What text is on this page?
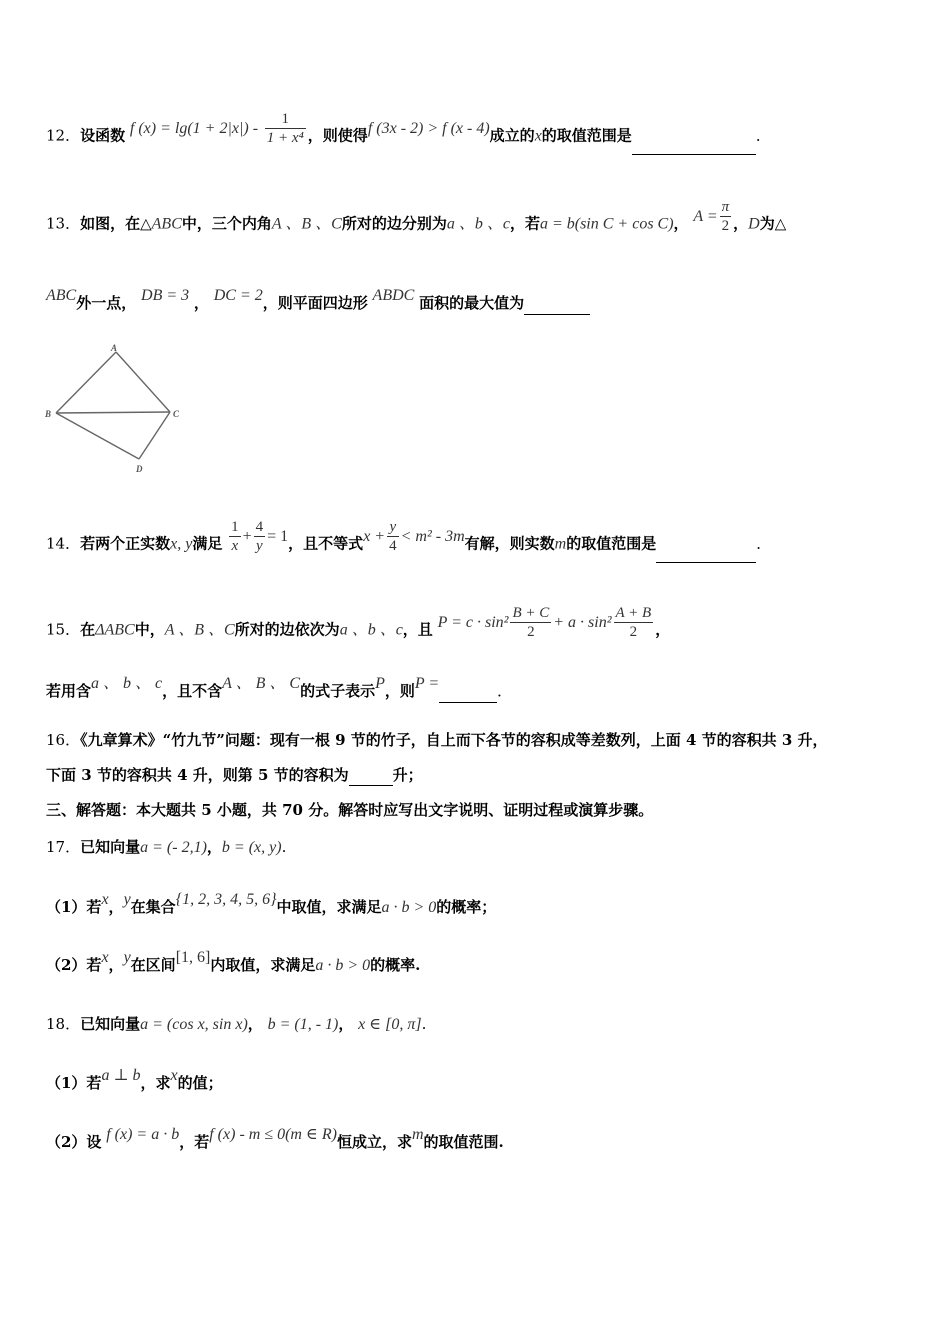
12．设函数 f $(x) = \lg(1 + 2|x|) - \frac{1}{\text{1 + x⁴}}$ ，则使得f (3x - 2) > f (x - 4)成立的x的取值范围是	．
13．如图，在△ABC中，三个内角A 、B 、C所对的边分别为a 、b 、c，若a = b(sin C + cos C)， $A = \frac{\pi}{2}$ ，D为△
ABC外一点， DB = 3 ， DC = 2，则平面四边形 ABDC 面积的最大值为
A
B	C
D
14．若两个正实数x, y满足 $\frac{1}{x} + \frac{4}{y} = 1$，且不等式$x + \frac{y}{4} < m^2 - 3m$有解，则实数m的取值范围是	．
15．在ΔABC中，A 、B 、C所对的边依次为a 、b 、c，且 $P = c \cdot \sin^2 \frac{B + C}{2} + a \cdot \sin^2 \frac{A + B}{2}$ ，
若用含a 、 b 、 c，且不含A 、 B 、 C的式子表示P，则P =	．
16．《九章算术》“竹九节”问题：现有一根 9 节的竹子，自上而下各节的容积成等差数列，上面 4 节的容积共 3 升，
下面 3 节的容积共 4 升，则第 5 节的容积为	升；
三、解答题：本大题共 5 小题，共 70 分。解答时应写出文字说明、证明过程或演算步骤。
17．已知向量a = (- 2,1)，b = (x, y).
（1）若x，y在集合{1, 2, 3, 4, 5, 6}中取值，求满足a · b > 0的概率；
（2）若x，y在区间[1, 6]内取值，求满足a · b > 0的概率.
18．已知向量a = (cos x, sin x)， b = (1, - 1)， x ∈ [0, π].
（1）若a ⊥ b，求x的值；
（2）设 f (x) = a · b，若f (x) - m ≤ 0(m ∈ R)恒成立，求m的取值范围.
